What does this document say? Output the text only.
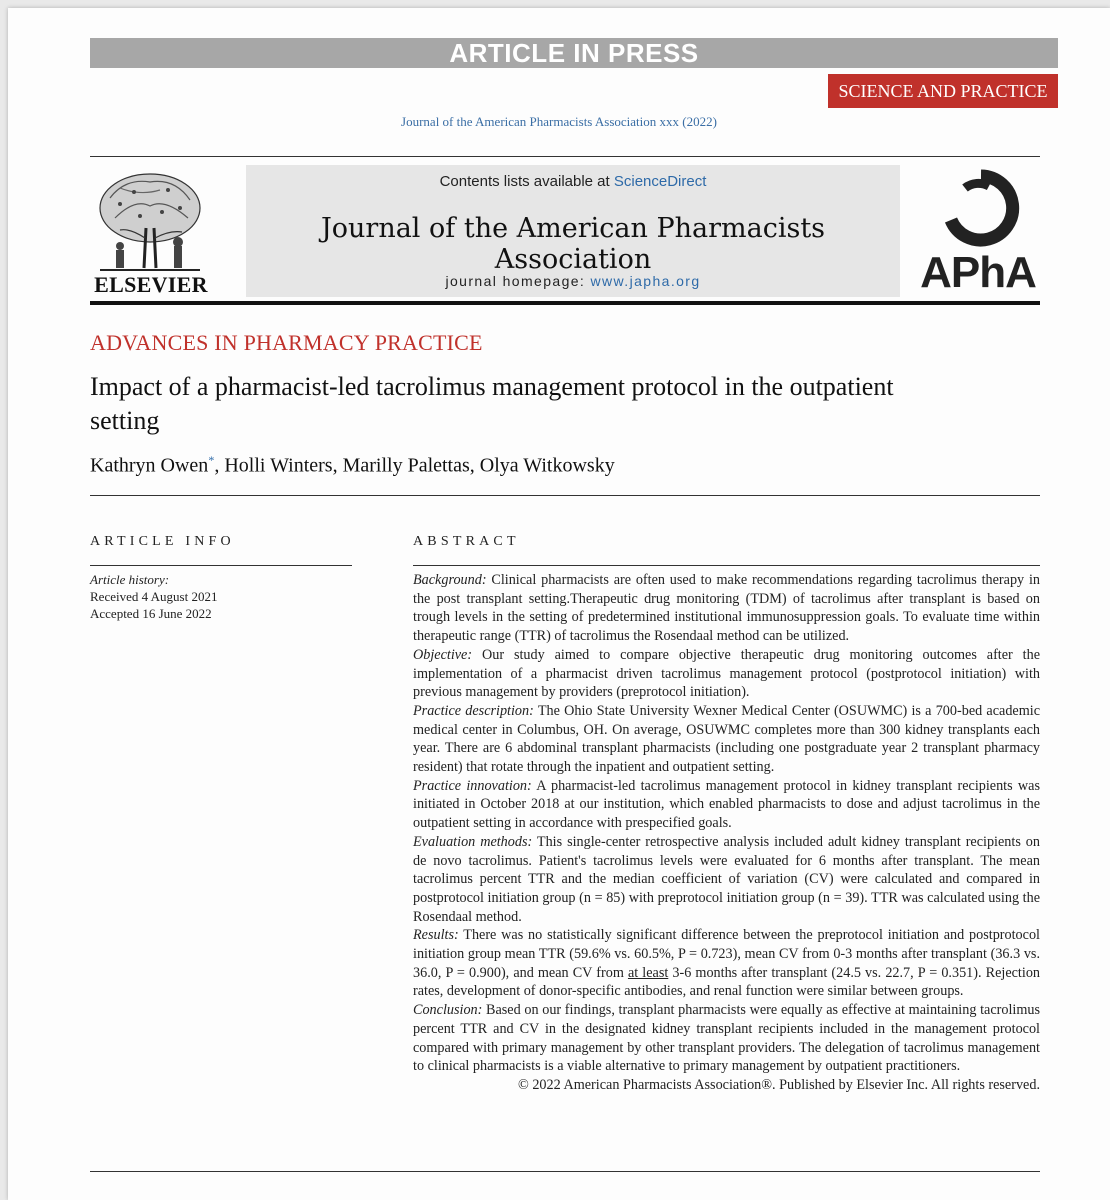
ARTICLE IN PRESS
SCIENCE AND PRACTICE
Journal of the American Pharmacists Association xxx (2022)
ELSEVIER
Contents lists available at ScienceDirect
Journal of the American Pharmacists Association
journal homepage: www.japha.org	APhA
ADVANCES IN PHARMACY PRACTICE
Impact of a pharmacist-led tacrolimus management protocol in the outpatient setting
Kathryn Owen*, Holli Winters, Marilly Palettas, Olya Witkowsky
ARTICLE INFO	ABSTRACT
Article history:
Received 4 August 2021
Accepted 16 June 2022

Background: Clinical pharmacists are often used to make recommendations regarding tacrolimus therapy in the post transplant setting.Therapeutic drug monitoring (TDM) of tacrolimus after transplant is based on trough levels in the setting of predetermined institutional immunosuppression goals. To evaluate time within therapeutic range (TTR) of tacrolimus the Rosendaal method can be utilized.

Objective: Our study aimed to compare objective therapeutic drug monitoring outcomes after the implementation of a pharmacist driven tacrolimus management protocol (postprotocol initiation) with previous management by providers (preprotocol initiation).

Practice description: The Ohio State University Wexner Medical Center (OSUWMC) is a 700-bed academic medical center in Columbus, OH. On average, OSUWMC completes more than 300 kidney transplants each year. There are 6 abdominal transplant pharmacists (including one postgraduate year 2 transplant pharmacy resident) that rotate through the inpatient and outpatient setting.

Practice innovation: A pharmacist-led tacrolimus management protocol in kidney transplant recipients was initiated in October 2018 at our institution, which enabled pharmacists to dose and adjust tacrolimus in the outpatient setting in accordance with prespecified goals.

Evaluation methods: This single-center retrospective analysis included adult kidney transplant recipients on de novo tacrolimus. Patient's tacrolimus levels were evaluated for 6 months after transplant. The mean tacrolimus percent TTR and the median coefficient of variation (CV) were calculated and compared in postprotocol initiation group (n = 85) with preprotocol initiation group (n = 39). TTR was calculated using the Rosendaal method.

Results: There was no statistically significant difference between the preprotocol initiation and postprotocol initiation group mean TTR (59.6% vs. 60.5%, P = 0.723), mean CV from 0-3 months after transplant (36.3 vs. 36.0, P = 0.900), and mean CV from at least 3-6 months after transplant (24.5 vs. 22.7, P = 0.351). Rejection rates, development of donor-specific antibodies, and renal function were similar between groups.

Conclusion: Based on our findings, transplant pharmacists were equally as effective at maintaining tacrolimus percent TTR and CV in the designated kidney transplant recipients included in the management protocol compared with primary management by other transplant providers. The delegation of tacrolimus management to clinical pharmacists is a viable alternative to primary management by outpatient practitioners.

© 2022 American Pharmacists Association®. Published by Elsevier Inc. All rights reserved.
